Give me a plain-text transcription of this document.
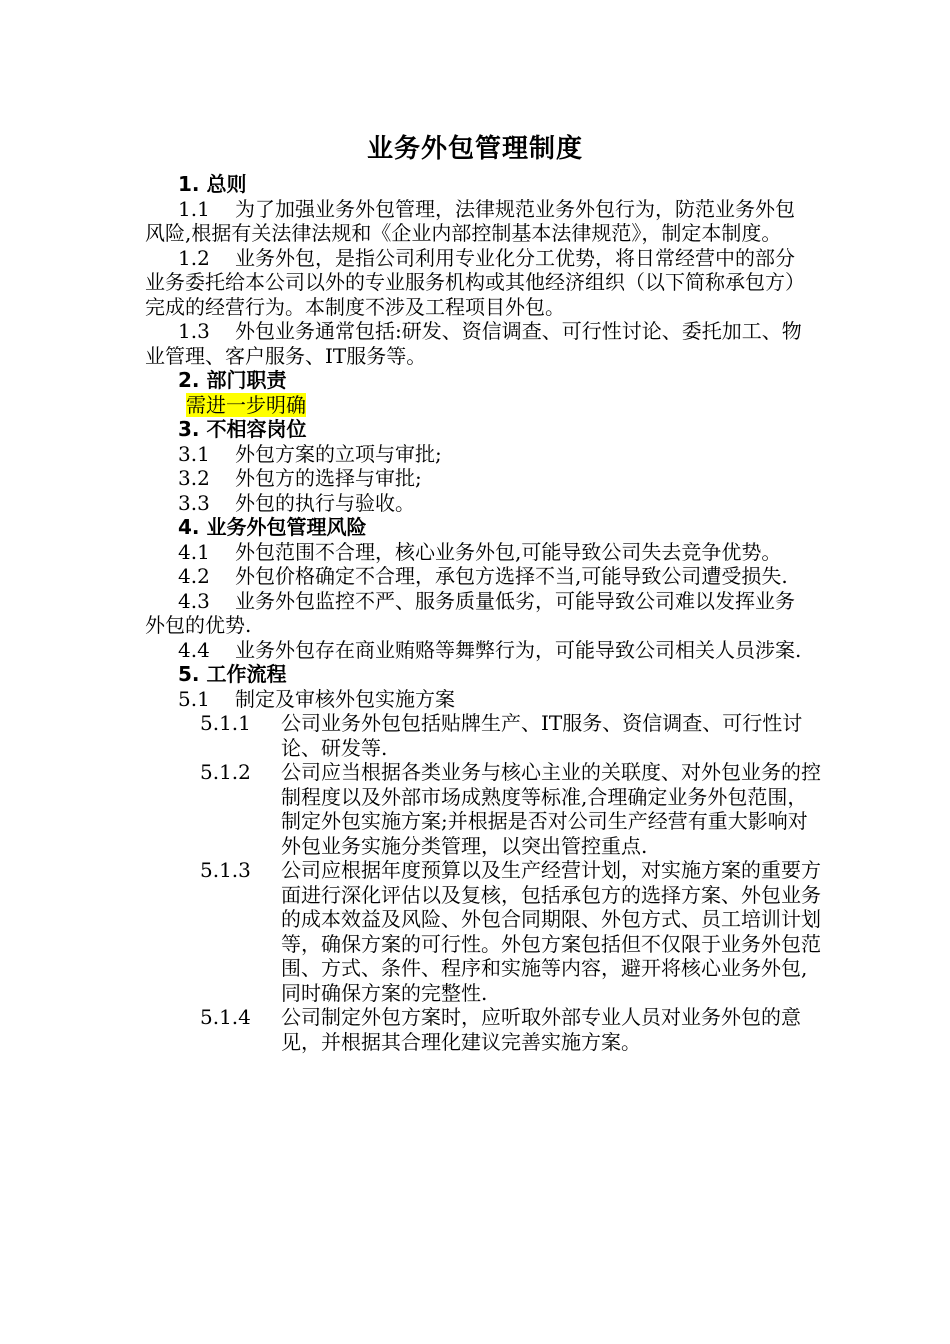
业务外包管理制度
1. 总则
1.1 为了加强业务外包管理，法律规范业务外包行为，防范业务外包风险,根据有关法律法规和《企业内部控制基本法律规范》，制定本制度。
1.2 业务外包，是指公司利用专业化分工优势，将日常经营中的部分业务委托给本公司以外的专业服务机构或其他经济组织（以下简称承包方）完成的经营行为。本制度不涉及工程项目外包。
1.3 外包业务通常包括:研发、资信调查、可行性讨论、委托加工、物业管理、客户服务、IT服务等。
2. 部门职责
需进一步明确
3. 不相容岗位
3.1 外包方案的立项与审批;
3.2 外包方的选择与审批;
3.3 外包的执行与验收。
4. 业务外包管理风险
4.1 外包范围不合理，核心业务外包,可能导致公司失去竞争优势。
4.2 外包价格确定不合理，承包方选择不当,可能导致公司遭受损失.
4.3 业务外包监控不严、服务质量低劣，可能导致公司难以发挥业务外包的优势.
4.4 业务外包存在商业贿赂等舞弊行为，可能导致公司相关人员涉案.
5. 工作流程
5.1 制定及审核外包实施方案
5.1.1 公司业务外包包括贴牌生产、IT服务、资信调查、可行性讨论、研发等.
5.1.2 公司应当根据各类业务与核心主业的关联度、对外包业务的控制程度以及外部市场成熟度等标准,合理确定业务外包范围，制定外包实施方案;并根据是否对公司生产经营有重大影响对外包业务实施分类管理，以突出管控重点.
5.1.3 公司应根据年度预算以及生产经营计划，对实施方案的重要方面进行深化评估以及复核，包括承包方的选择方案、外包业务的成本效益及风险、外包合同期限、外包方式、员工培训计划等，确保方案的可行性。外包方案包括但不仅限于业务外包范围、方式、条件、程序和实施等内容，避开将核心业务外包,同时确保方案的完整性.
5.1.4 公司制定外包方案时，应听取外部专业人员对业务外包的意见，并根据其合理化建议完善实施方案。
